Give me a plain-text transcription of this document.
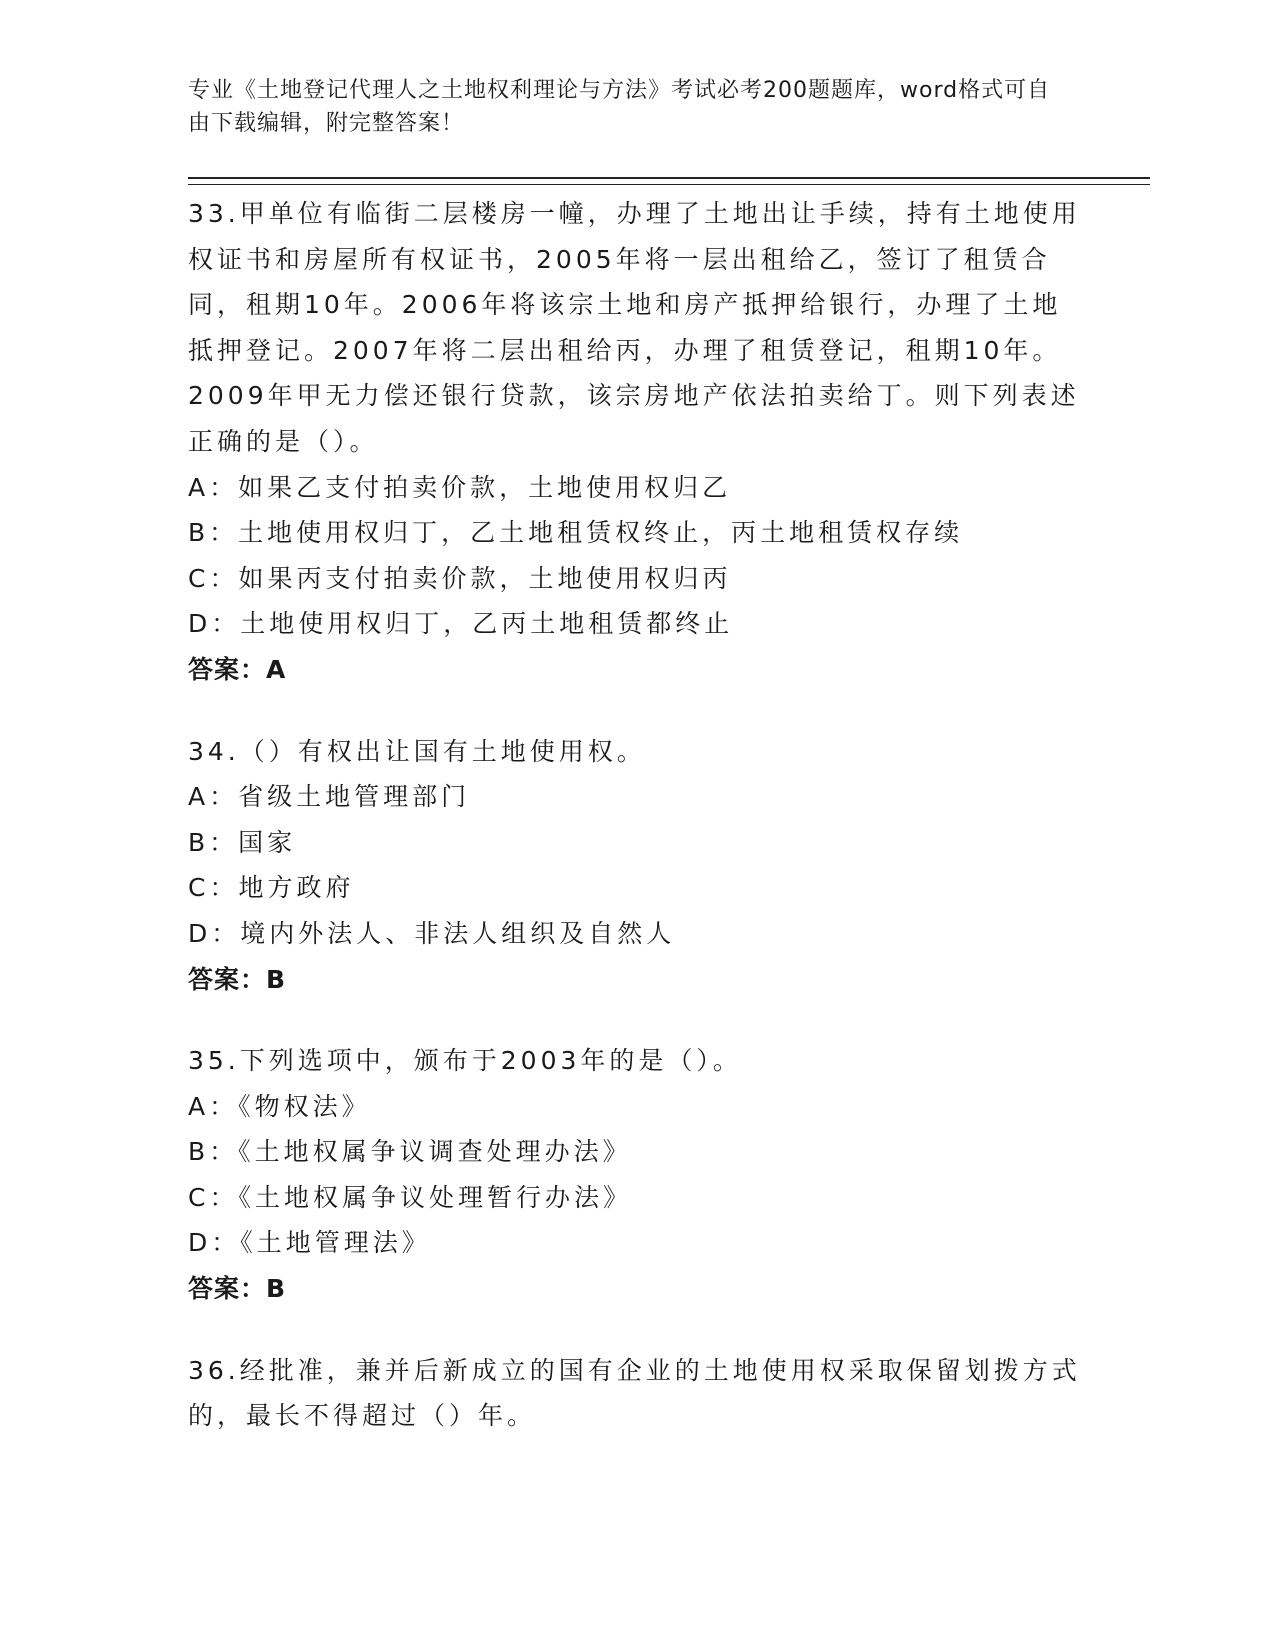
专业《土地登记代理人之土地权利理论与方法》考试必考200题题库，word格式可自由下载编辑，附完整答案！
33.甲单位有临街二层楼房一幢，办理了土地出让手续，持有土地使用权证书和房屋所有权证书，2005年将一层出租给乙，签订了租赁合同，租期10年。2006年将该宗土地和房产抵押给银行，办理了土地抵押登记。2007年将二层出租给丙，办理了租赁登记，租期10年。2009年甲无力偿还银行贷款，该宗房地产依法拍卖给丁。则下列表述正确的是（）。
A：如果乙支付拍卖价款，土地使用权归乙
B：土地使用权归丁，乙土地租赁权终止，丙土地租赁权存续
C：如果丙支付拍卖价款，土地使用权归丙
D：土地使用权归丁，乙丙土地租赁都终止
答案：A
34.（）有权出让国有土地使用权。
A：省级土地管理部门
B：国家
C：地方政府
D：境内外法人、非法人组织及自然人
答案：B
35.下列选项中，颁布于2003年的是（）。
A：《物权法》
B：《土地权属争议调查处理办法》
C：《土地权属争议处理暂行办法》
D：《土地管理法》
答案：B
36.经批准，兼并后新成立的国有企业的土地使用权采取保留划拨方式的，最长不得超过（）年。
